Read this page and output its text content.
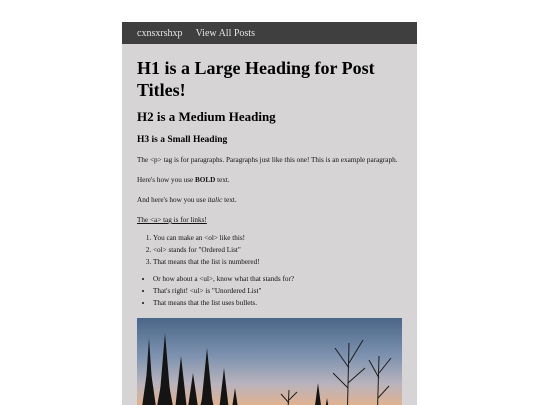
cxnsxrshxp View All Posts
H1 is a Large Heading for Post Titles!
H2 is a Medium Heading
H3 is a Small Heading

The <p> tag is for paragraphs. Paragraphs just like this one! This is an example paragraph.

Here's how you use BOLD text.

And here's how you use italic text.

The <a> tag is for links!

1. You can make an <ol> like this!
2. <ol> stands for "Ordered List"
3. That means that the list is numbered!
• Or how about a <ul>, know what that stands for?
• That's right! <ul> is "Unordered List"
• That means that the list uses bullets.
